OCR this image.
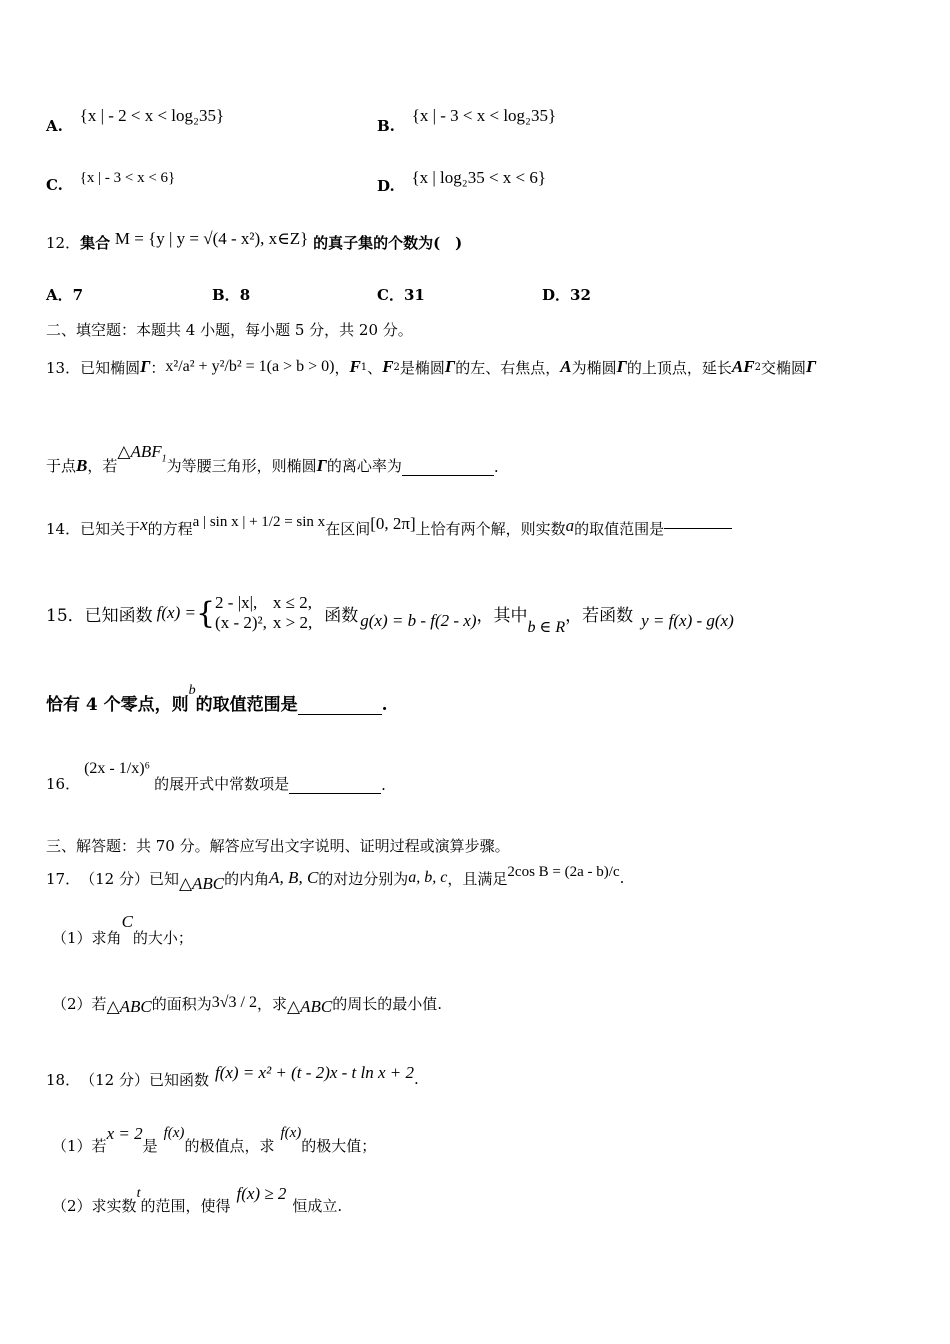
A. {x | - 2 < x < log₂35}
B. {x | - 3 < x < log₂35}
C. {x | - 3 < x < 6}	D. {x | log₂35 < x < 6}
12．集合 M = {y | y = √(4 - x²), x∈Z} 的真子集的个数为(　)
A．7	B．8	C．31	D．32
二、填空题：本题共 4 小题，每小题 5 分，共 20 分。
13． 已知椭圆 Γ ： x²/a² + y²/b² = 1(a > b > 0) ， F 1 、 F 2 是椭圆 Γ 的左、右焦点， A 为椭圆 Γ 的上顶点，延长 AF 2 交椭圆 Γ
于点 B ，若
$\triangle ABF_1$ 为等腰三角形，则椭圆 Γ 的离心率为	.
14． 已知关于 x 的方程 a | sin x | + 1/2 = sin x 在区间 [0, 2π] 上恰有两个解，则实数 a 的取值范围是
15． 已知函数 f(x) = { 2 - |x|,	x ≤ 2,
(x - 2)²,	x > 2, 函数 g(x) = b - f(2 - x) ，其中
b ∈ R
，若函数 y = f(x) - g(x)
恰有 4 个零点，则
b
的取值范围是	.
16．
(2x - 1/x)⁶
的展开式中常数项是	.
三、解答题：共 70 分。解答应写出文字说明、证明过程或演算步骤。
17． （12 分） 已知 △ABC 的内角 A, B, C 的对边分别为 a, b, c ，且满足 2cos B = (2a - b)/c .
（1） 求角
C
的大小；
（2） 若 △ABC 的面积为 3√3 / 2 ，求 △ABC 的周长的最小值.
18． （12 分） 已知函数 f(x) = x² + (t - 2)x - t ln x + 2 .
（1） 若
x = 2
是
f(x)
的极值点，求
f(x)
的极大值；
（2） 求实数
t
的范围，使得
f(x) ≥ 2
恒成立.
